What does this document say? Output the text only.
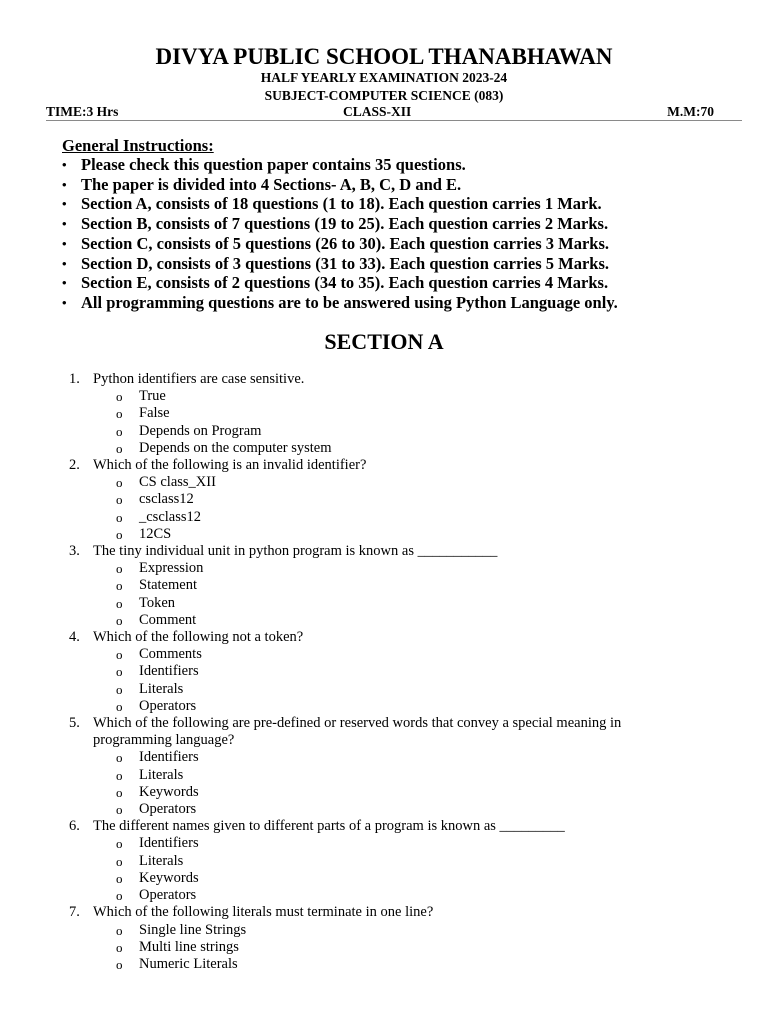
DIVYA PUBLIC SCHOOL THANABHAWAN
HALF YEARLY EXAMINATION 2023-24
SUBJECT-COMPUTER SCIENCE (083)
TIME:3 Hrs	CLASS-XII	M.M:70
General Instructions:
• Please check this question paper contains 35 questions.
• The paper is divided into 4 Sections- A, B, C, D and E.
• Section A, consists of 18 questions (1 to 18). Each question carries 1 Mark.
• Section B, consists of 7 questions (19 to 25). Each question carries 2 Marks.
• Section C, consists of 5 questions (26 to 30). Each question carries 3 Marks.
• Section D, consists of 3 questions (31 to 33). Each question carries 5 Marks.
• Section E, consists of 2 questions (34 to 35). Each question carries 4 Marks.
• All programming questions are to be answered using Python Language only.
SECTION A
1. Python identifiers are case sensitive.
o True
o False
o Depends on Program
o Depends on the computer system
2. Which of the following is an invalid identifier?
o CS class_XII
o csclass12
o _csclass12
o 12CS
3. The tiny individual unit in python program is known as ___________
o Expression
o Statement
o Token
o Comment
4. Which of the following not a token?
o Comments
o Identifiers
o Literals
o Operators
5. Which of the following are pre-defined or reserved words that convey a special meaning in programming language?
o Identifiers
o Literals
o Keywords
o Operators
6. The different names given to different parts of a program is known as _________
o Identifiers
o Literals
o Keywords
o Operators
7. Which of the following literals must terminate in one line?
o Single line Strings
o Multi line strings
o Numeric Literals
